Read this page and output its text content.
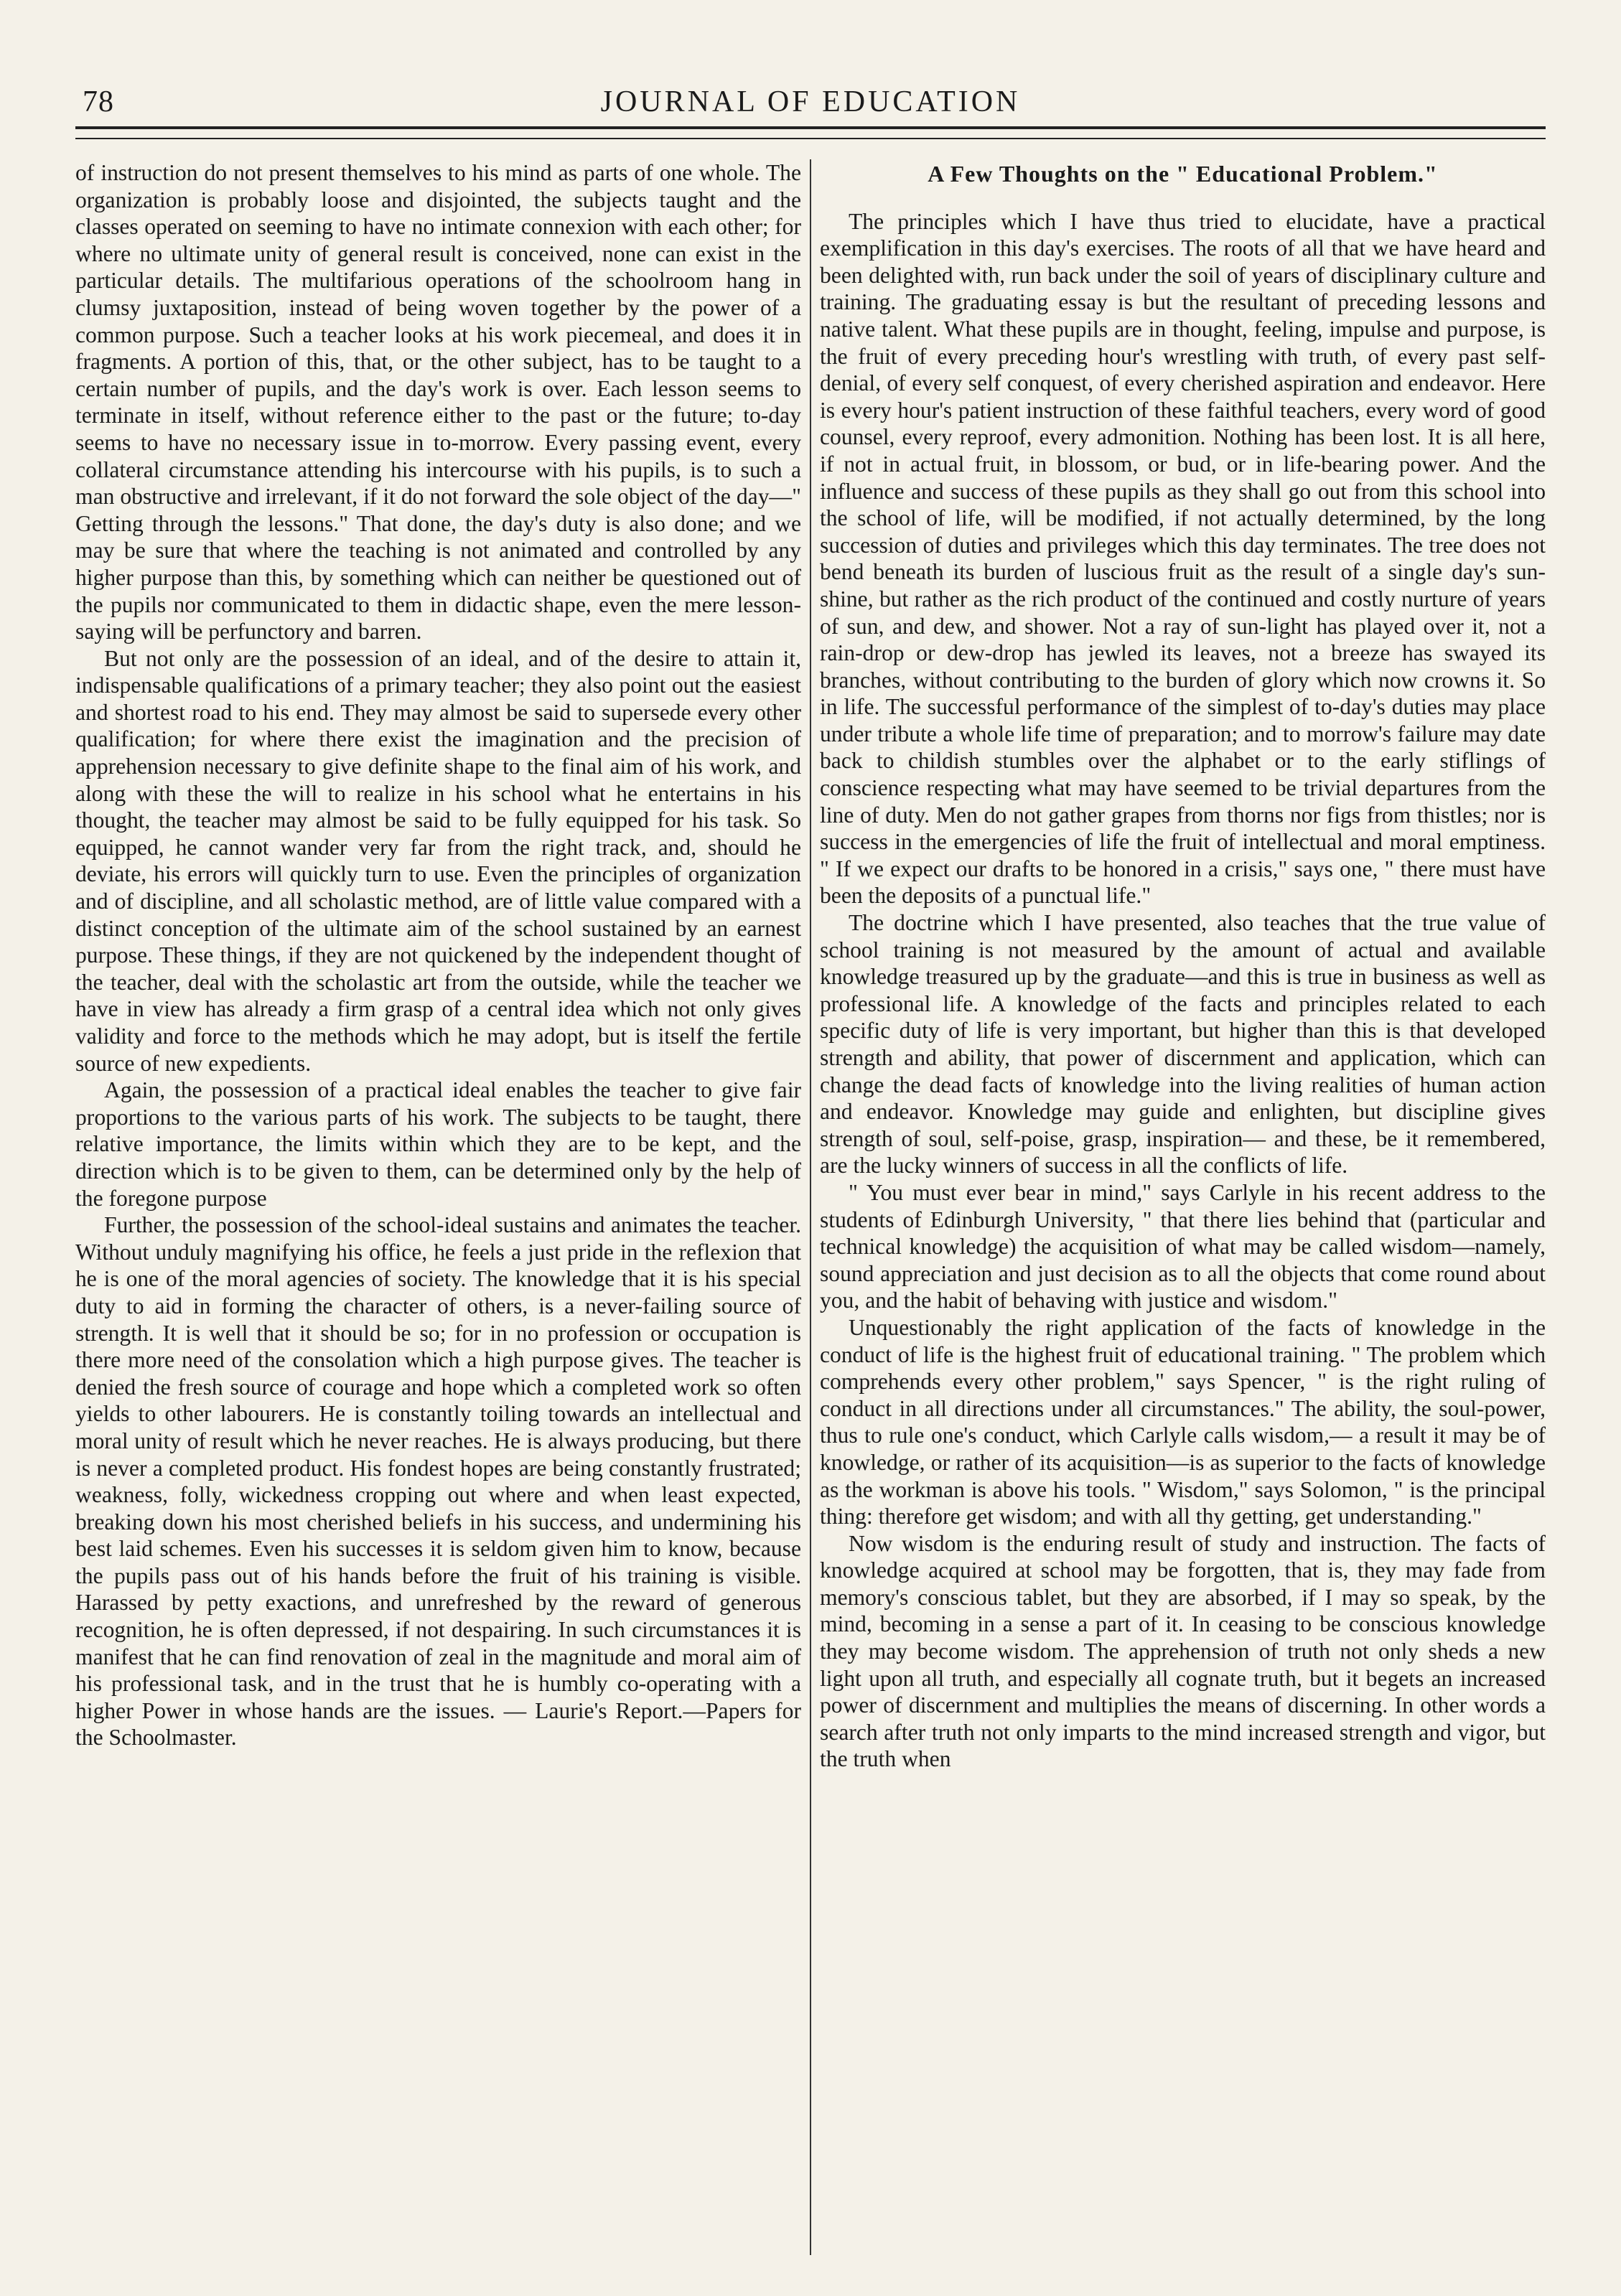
78	JOURNAL OF EDUCATION

of instruction do not present themselves to his mind as parts of one whole. The organization is probably loose and disjointed, the subjects taught and the classes operated on seeming to have no intimate connexion with each other; for where no ultimate unity of general result is conceived, none can exist in the particular details. The multifarious operations of the schoolroom hang in clumsy juxtaposition, instead of being woven together by the power of a common purpose. Such a teacher looks at his work piecemeal, and does it in fragments. A portion of this, that, or the other subject, has to be taught to a certain number of pupils, and the day's work is over. Each lesson seems to terminate in itself, without reference either to the past or the future; to-day seems to have no necessary issue in to-morrow. Every passing event, every collateral circumstance attending his intercourse with his pupils, is to such a man obstructive and irrelevant, if it do not forward the sole object of the day—" Getting through the lessons." That done, the day's duty is also done; and we may be sure that where the teaching is not animated and controlled by any higher purpose than this, by something which can neither be questioned out of the pupils nor communicated to them in didactic shape, even the mere lesson-saying will be perfunctory and barren.

But not only are the possession of an ideal, and of the desire to attain it, indispensable qualifications of a primary teacher; they also point out the easiest and shortest road to his end. They may almost be said to supersede every other qualification; for where there exist the imagination and the precision of apprehension necessary to give definite shape to the final aim of his work, and along with these the will to realize in his school what he entertains in his thought, the teacher may almost be said to be fully equipped for his task. So equipped, he cannot wander very far from the right track, and, should he deviate, his errors will quickly turn to use. Even the principles of organization and of discipline, and all scholastic method, are of little value compared with a distinct conception of the ultimate aim of the school sustained by an earnest purpose. These things, if they are not quickened by the independent thought of the teacher, deal with the scholastic art from the outside, while the teacher we have in view has already a firm grasp of a central idea which not only gives validity and force to the methods which he may adopt, but is itself the fertile source of new expedients.

Again, the possession of a practical ideal enables the teacher to give fair proportions to the various parts of his work. The subjects to be taught, there relative importance, the limits within which they are to be kept, and the direction which is to be given to them, can be determined only by the help of the foregone purpose

Further, the possession of the school-ideal sustains and animates the teacher. Without unduly magnifying his office, he feels a just pride in the reflexion that he is one of the moral agencies of society. The knowledge that it is his special duty to aid in forming the character of others, is a never-failing source of strength. It is well that it should be so; for in no profession or occupation is there more need of the consolation which a high purpose gives. The teacher is denied the fresh source of courage and hope which a completed work so often yields to other labourers. He is constantly toiling towards an intellectual and moral unity of result which he never reaches. He is always producing, but there is never a completed product. His fondest hopes are being constantly frustrated; weakness, folly, wickedness cropping out where and when least expected, breaking down his most cherished beliefs in his success, and undermining his best laid schemes. Even his successes it is seldom given him to know, because the pupils pass out of his hands before the fruit of his training is visible. Harassed by petty exactions, and unrefreshed by the reward of generous recognition, he is often depressed, if not despairing. In such circumstances it is manifest that he can find renovation of zeal in the magnitude and moral aim of his professional task, and in the trust that he is humbly co-operating with a higher Power in whose hands are the issues. — Laurie's Report.—Papers for the Schoolmaster.

A Few Thoughts on the " Educational Problem."

The principles which I have thus tried to elucidate, have a practical exemplification in this day's exercises. The roots of all that we have heard and been delighted with, run back under the soil of years of disciplinary culture and training. The graduating essay is but the resultant of preceding lessons and native talent. What these pupils are in thought, feeling, impulse and purpose, is the fruit of every preceding hour's wrestling with truth, of every past self-denial, of every self conquest, of every cherished aspiration and endeavor. Here is every hour's patient instruction of these faithful teachers, every word of good counsel, every reproof, every admonition. Nothing has been lost. It is all here, if not in actual fruit, in blossom, or bud, or in life-bearing power. And the influence and success of these pupils as they shall go out from this school into the school of life, will be modified, if not actually determined, by the long succession of duties and privileges which this day terminates. The tree does not bend beneath its burden of luscious fruit as the result of a single day's sun-shine, but rather as the rich product of the continued and costly nurture of years of sun, and dew, and shower. Not a ray of sun-light has played over it, not a rain-drop or dew-drop has jewled its leaves, not a breeze has swayed its branches, without contributing to the burden of glory which now crowns it. So in life. The successful performance of the simplest of to-day's duties may place under tribute a whole life time of preparation; and to morrow's failure may date back to childish stumbles over the alphabet or to the early stiflings of conscience respecting what may have seemed to be trivial departures from the line of duty. Men do not gather grapes from thorns nor figs from thistles; nor is success in the emergencies of life the fruit of intellectual and moral emptiness. " If we expect our drafts to be honored in a crisis," says one, " there must have been the deposits of a punctual life."

The doctrine which I have presented, also teaches that the true value of school training is not measured by the amount of actual and available knowledge treasured up by the graduate—and this is true in business as well as professional life. A knowledge of the facts and principles related to each specific duty of life is very important, but higher than this is that developed strength and ability, that power of discernment and application, which can change the dead facts of knowledge into the living realities of human action and endeavor. Knowledge may guide and enlighten, but discipline gives strength of soul, self-poise, grasp, inspiration— and these, be it remembered, are the lucky winners of success in all the conflicts of life.

" You must ever bear in mind," says Carlyle in his recent address to the students of Edinburgh University, " that there lies behind that (particular and technical knowledge) the acquisition of what may be called wisdom—namely, sound appreciation and just decision as to all the objects that come round about you, and the habit of behaving with justice and wisdom."

Unquestionably the right application of the facts of knowledge in the conduct of life is the highest fruit of educational training. " The problem which comprehends every other problem," says Spencer, " is the right ruling of conduct in all directions under all circumstances." The ability, the soul-power, thus to rule one's conduct, which Carlyle calls wisdom,— a result it may be of knowledge, or rather of its acquisition—is as superior to the facts of knowledge as the workman is above his tools. " Wisdom," says Solomon, " is the principal thing: therefore get wisdom; and with all thy getting, get understanding."

Now wisdom is the enduring result of study and instruction. The facts of knowledge acquired at school may be forgotten, that is, they may fade from memory's conscious tablet, but they are absorbed, if I may so speak, by the mind, becoming in a sense a part of it. In ceasing to be conscious knowledge they may become wisdom. The apprehension of truth not only sheds a new light upon all truth, and especially all cognate truth, but it begets an increased power of discernment and multiplies the means of discerning. In other words a search after truth not only imparts to the mind increased strength and vigor, but the truth when
